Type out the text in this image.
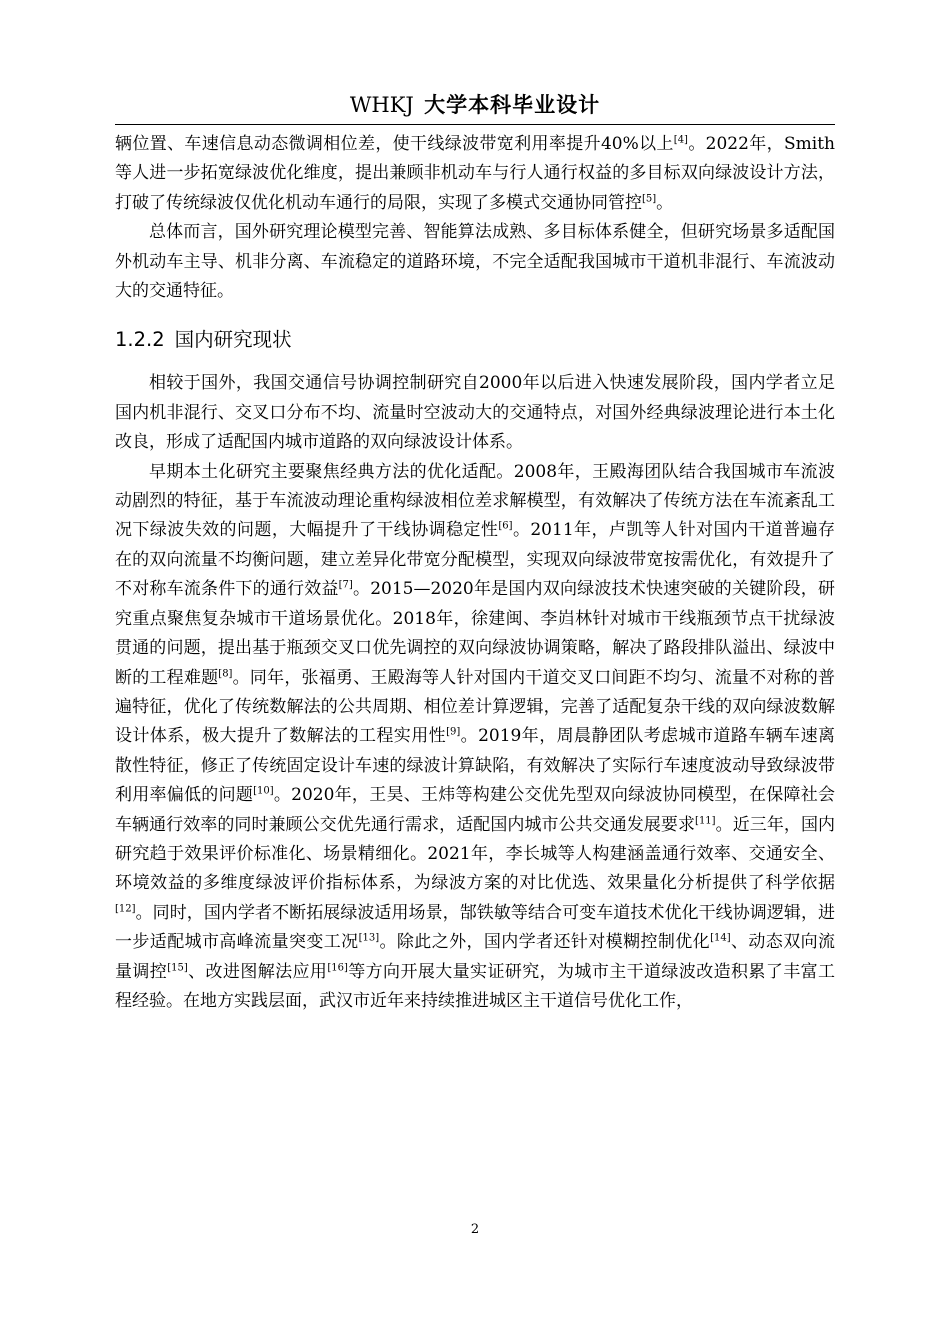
WHKJ 大学本科毕业设计

辆位置、车速信息动态微调相位差，使干线绿波带宽利用率提升40%以上[4]。2022年，Smith等人进一步拓宽绿波优化维度，提出兼顾非机动车与行人通行权益的多目标双向绿波设计方法，打破了传统绿波仅优化机动车通行的局限，实现了多模式交通协同管控[5]。

总体而言，国外研究理论模型完善、智能算法成熟、多目标体系健全，但研究场景多适配国外机动车主导、机非分离、车流稳定的道路环境，不完全适配我国城市干道机非混行、车流波动大的交通特征。

1.2.2 国内研究现状

相较于国外，我国交通信号协调控制研究自2000年以后进入快速发展阶段，国内学者立足国内机非混行、交叉口分布不均、流量时空波动大的交通特点，对国外经典绿波理论进行本土化改良，形成了适配国内城市道路的双向绿波设计体系。

早期本土化研究主要聚焦经典方法的优化适配。2008年，王殿海团队结合我国城市车流波动剧烈的特征，基于车流波动理论重构绿波相位差求解模型，有效解决了传统方法在车流紊乱工况下绿波失效的问题，大幅提升了干线协调稳定性[6]。2011年，卢凯等人针对国内干道普遍存在的双向流量不均衡问题，建立差异化带宽分配模型，实现双向绿波带宽按需优化，有效提升了不对称车流条件下的通行效益[7]。2015—2020年是国内双向绿波技术快速突破的关键阶段，研究重点聚焦复杂城市干道场景优化。2018年，徐建闽、李岿林针对城市干线瓶颈节点干扰绿波贯通的问题，提出基于瓶颈交叉口优先调控的双向绿波协调策略，解决了路段排队溢出、绿波中断的工程难题[8]。同年，张福勇、王殿海等人针对国内干道交叉口间距不均匀、流量不对称的普遍特征，优化了传统数解法的公共周期、相位差计算逻辑，完善了适配复杂干线的双向绿波数解设计体系，极大提升了数解法的工程实用性[9]。2019年，周晨静团队考虑城市道路车辆车速离散性特征，修正了传统固定设计车速的绿波计算缺陷，有效解决了实际行车速度波动导致绿波带利用率偏低的问题[10]。2020年，王昊、王炜等构建公交优先型双向绿波协同模型，在保障社会车辆通行效率的同时兼顾公交优先通行需求，适配国内城市公共交通发展要求[11]。近三年，国内研究趋于效果评价标准化、场景精细化。2021年，李长城等人构建涵盖通行效率、交通安全、环境效益的多维度绿波评价指标体系，为绿波方案的对比优选、效果量化分析提供了科学依据[12]。同时，国内学者不断拓展绿波适用场景，郜铁敏等结合可变车道技术优化干线协调逻辑，进一步适配城市高峰流量突变工况[13]。除此之外，国内学者还针对模糊控制优化[14]、动态双向流量调控[15]、改进图解法应用[16]等方向开展大量实证研究，为城市主干道绿波改造积累了丰富工程经验。在地方实践层面，武汉市近年来持续推进城区主干道信号优化工作，

2
